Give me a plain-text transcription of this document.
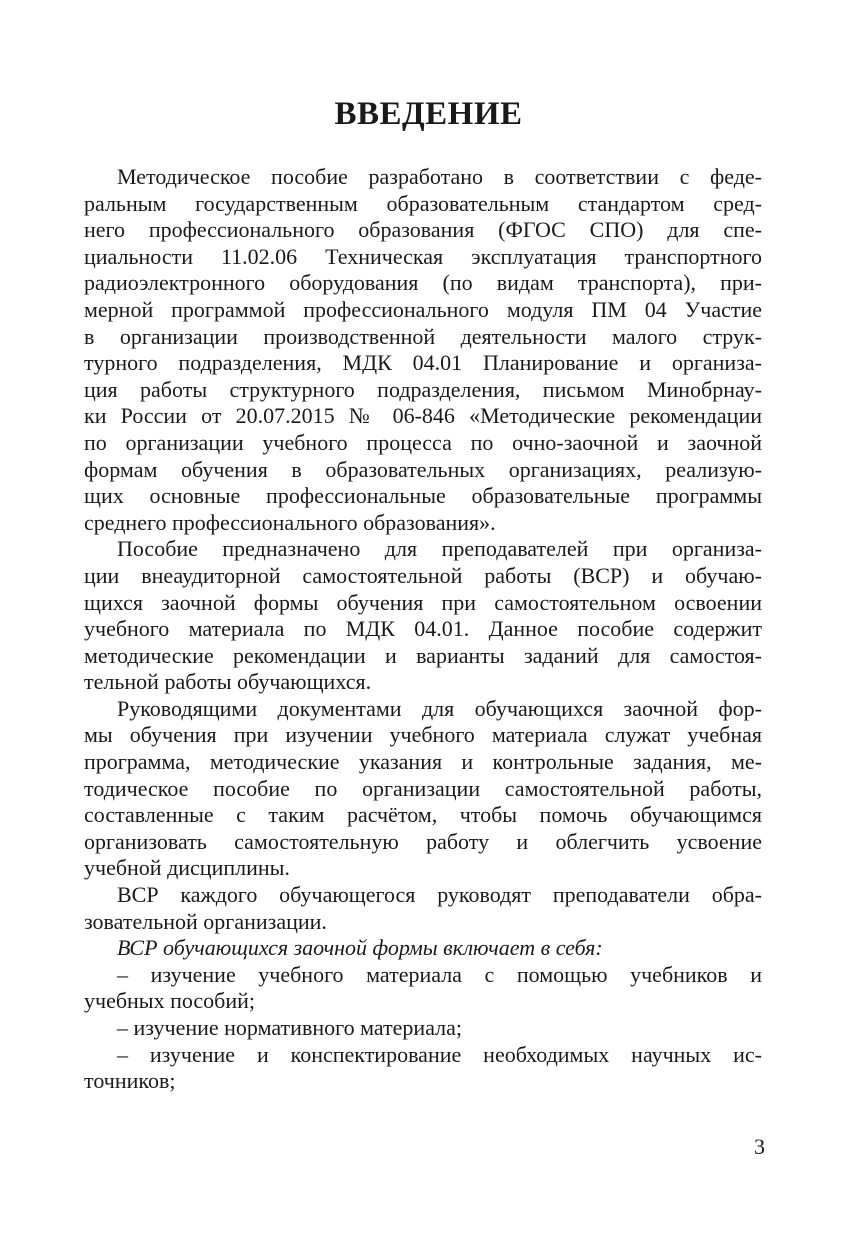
ВВЕДЕНИЕ
Методическое пособие разработано в соответствии с феде-
ральным государственным образовательным стандартом сред-
него профессионального образования (ФГОС СПО) для спе-
циальности 11.02.06 Техническая эксплуатация транспортного
радиоэлектронного оборудования (по видам транспорта), при-
мерной программой профессионального модуля ПМ 04 Участие
в организации производственной деятельности малого струк-
турного подразделения, МДК 04.01 Планирование и организа-
ция работы структурного подразделения, письмом Минобрнау-
ки России от 20.07.2015 № 06-846 «Методические рекомендации
по организации учебного процесса по очно-заочной и заочной
формам обучения в образовательных организациях, реализую-
щих основные профессиональные образовательные программы
среднего профессионального образования».
Пособие предназначено для преподавателей при организа-
ции внеаудиторной самостоятельной работы (ВСР) и обучаю-
щихся заочной формы обучения при самостоятельном освоении
учебного материала по МДК 04.01. Данное пособие содержит
методические рекомендации и варианты заданий для самостоя-
тельной работы обучающихся.
Руководящими документами для обучающихся заочной фор-
мы обучения при изучении учебного материала служат учебная
программа, методические указания и контрольные задания, ме-
тодическое пособие по организации самостоятельной работы,
составленные с таким расчётом, чтобы помочь обучающимся
организовать самостоятельную работу и облегчить усвоение
учебной дисциплины.
ВСР каждого обучающегося руководят преподаватели обра-
зовательной организации.
ВСР обучающихся заочной формы включает в себя:
– изучение учебного материала с помощью учебников и
учебных пособий;
– изучение нормативного материала;
– изучение и конспектирование необходимых научных ис-
точников;
3
